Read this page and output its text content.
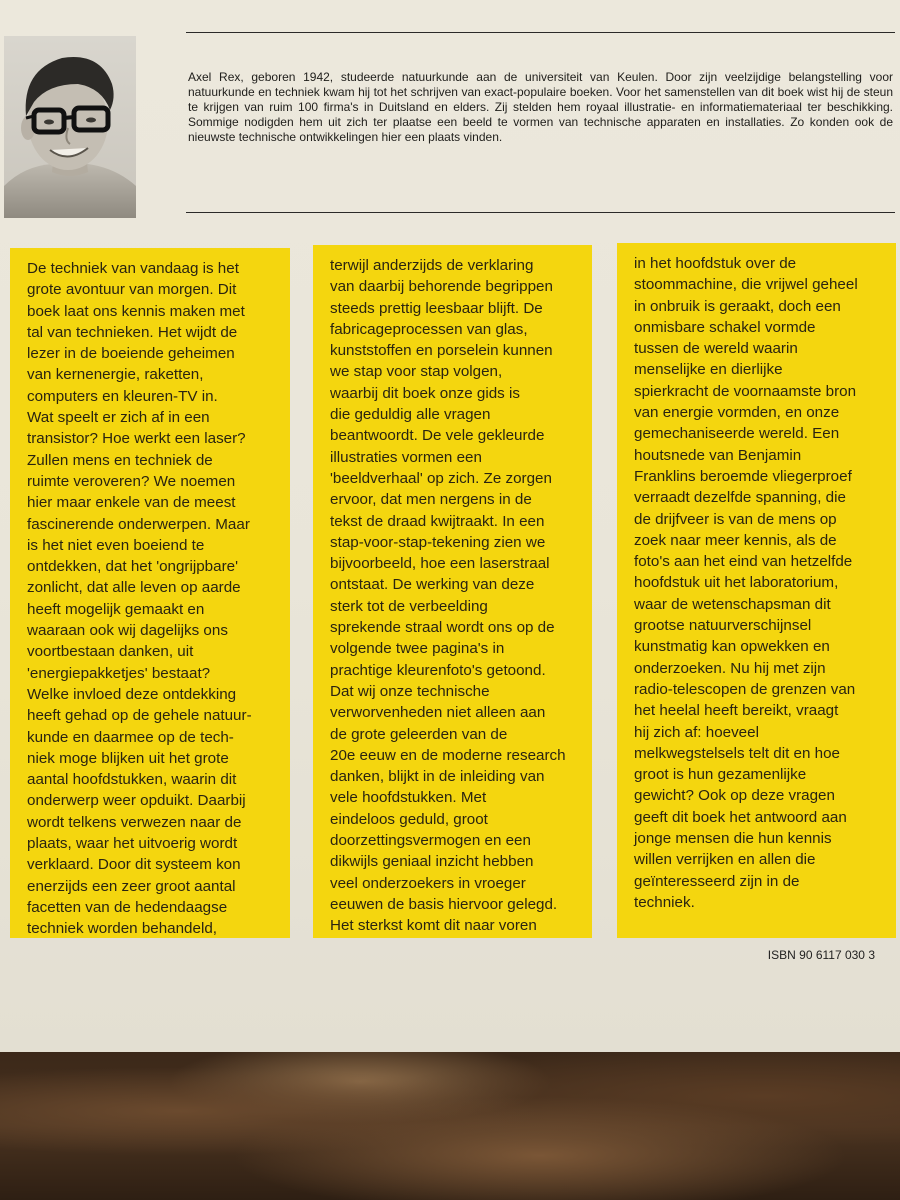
Axel Rex, geboren 1942, studeerde natuurkunde aan de universiteit van Keulen. Door zijn veelzijdige belangstelling voor natuurkunde en techniek kwam hij tot het schrijven van exact-populaire boeken. Voor het samenstellen van dit boek wist hij de steun te krijgen van ruim 100 firma's in Duitsland en elders. Zij stelden hem royaal illustratie- en informatiemateriaal ter beschikking. Sommige nodigden hem uit zich ter plaatse een beeld te vormen van technische apparaten en installaties. Zo konden ook de nieuwste technische ontwikkelingen hier een plaats vinden.

De techniek van vandaag is het
grote avontuur van morgen. Dit
boek laat ons kennis maken met
tal van technieken. Het wijdt de
lezer in de boeiende geheimen
van kernenergie, raketten,
computers en kleuren-TV in.
Wat speelt er zich af in een
transistor? Hoe werkt een laser?
Zullen mens en techniek de
ruimte veroveren? We noemen
hier maar enkele van de meest
fascinerende onderwerpen. Maar
is het niet even boeiend te
ontdekken, dat het 'ongrijpbare'
zonlicht, dat alle leven op aarde
heeft mogelijk gemaakt en
waaraan ook wij dagelijks ons
voortbestaan danken, uit
'energiepakketjes' bestaat?
Welke invloed deze ontdekking
heeft gehad op de gehele natuur-
kunde en daarmee op de tech-
niek moge blijken uit het grote
aantal hoofdstukken, waarin dit
onderwerp weer opduikt. Daarbij
wordt telkens verwezen naar de
plaats, waar het uitvoerig wordt
verklaard. Door dit systeem kon
enerzijds een zeer groot aantal
facetten van de hedendaagse
techniek worden behandeld,

terwijl anderzijds de verklaring
van daarbij behorende begrippen
steeds prettig leesbaar blijft. De
fabricageprocessen van glas,
kunststoffen en porselein kunnen
we stap voor stap volgen,
waarbij dit boek onze gids is
die geduldig alle vragen
beantwoordt. De vele gekleurde
illustraties vormen een
'beeldverhaal' op zich. Ze zorgen
ervoor, dat men nergens in de
tekst de draad kwijtraakt. In een
stap-voor-stap-tekening zien we
bijvoorbeeld, hoe een laserstraal
ontstaat. De werking van deze
sterk tot de verbeelding
sprekende straal wordt ons op de
volgende twee pagina's in
prachtige kleurenfoto's getoond.
Dat wij onze technische
verworvenheden niet alleen aan
de grote geleerden van de
20e eeuw en de moderne research
danken, blijkt in de inleiding van
vele hoofdstukken. Met
eindeloos geduld, groot
doorzettingsvermogen en een
dikwijls geniaal inzicht hebben
veel onderzoekers in vroeger
eeuwen de basis hiervoor gelegd.
Het sterkst komt dit naar voren

in het hoofdstuk over de
stoommachine, die vrijwel geheel
in onbruik is geraakt, doch een
onmisbare schakel vormde
tussen de wereld waarin
menselijke en dierlijke
spierkracht de voornaamste bron
van energie vormden, en onze
gemechaniseerde wereld. Een
houtsnede van Benjamin
Franklins beroemde vliegerproef
verraadt dezelfde spanning, die
de drijfveer is van de mens op
zoek naar meer kennis, als de
foto's aan het eind van hetzelfde
hoofdstuk uit het laboratorium,
waar de wetenschapsman dit
grootse natuurverschijnsel
kunstmatig kan opwekken en
onderzoeken. Nu hij met zijn
radio-telescopen de grenzen van
het heelal heeft bereikt, vraagt
hij zich af: hoeveel
melkwegstelsels telt dit en hoe
groot is hun gezamenlijke
gewicht? Ook op deze vragen
geeft dit boek het antwoord aan
jonge mensen die hun kennis
willen verrijken en allen die
geïnteresseerd zijn in de
techniek.

ISBN 90 6117 030 3
